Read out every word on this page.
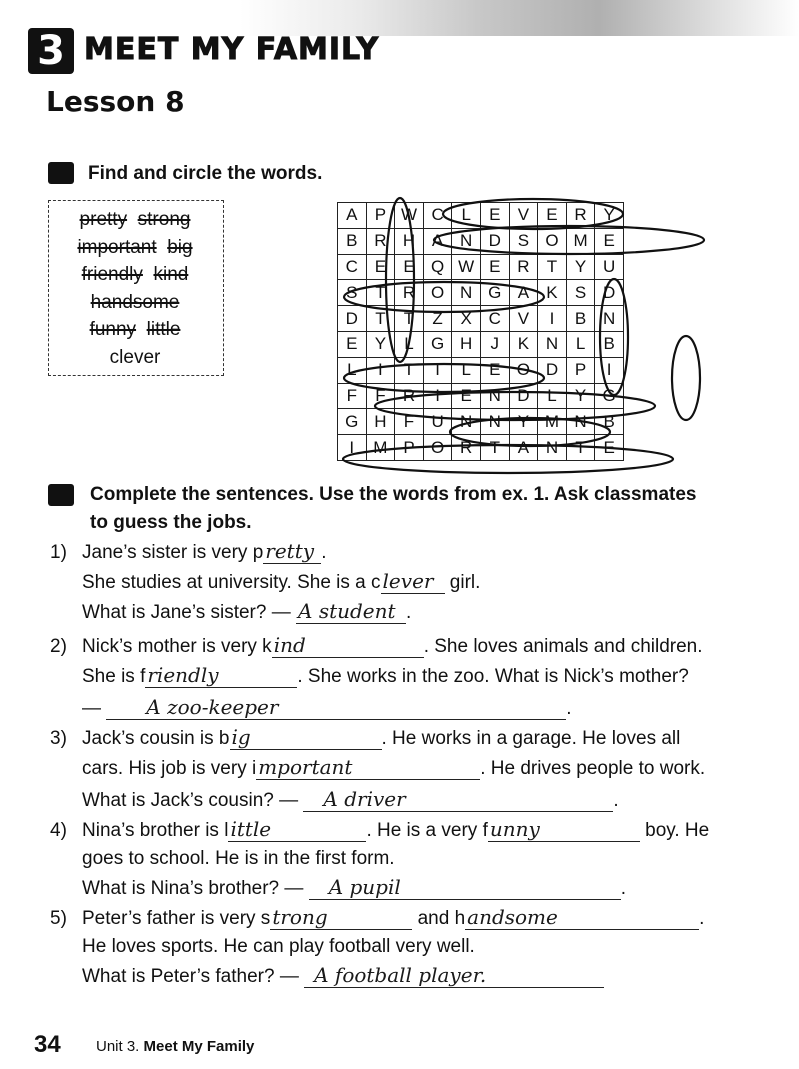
3 MEET MY FAMILY
Lesson 8
Find and circle the words.
pretty strong
important big
friendly kind
handsome
funny little
clever
A	P	W	C	L	E	V	E	R	Y
B	R	H	A	N	D	S	O	M	E
C	E	E	Q	W	E	R	T	Y	U
S	T	R	O	N	G	A	K	S	D
D	T	T	Z	X	C	V	I	B	N
E	Y	L	G	H	J	K	N	L	B
L	I	T	T	L	E	O	D	P	I
F	F	R	I	E	N	D	L	Y	G
G	H	F	U	N	N	Y	M	N	B
I	M	P	O	R	T	A	N	T	E
Complete the sentences. Use the words from ex. 1. Ask classmates
to guess the jobs.
1) Jane’s sister is very p retty .
She studies at university. She is a c lever girl.
What is Jane’s sister? — A student .
2) Nick’s mother is very k ind	. She loves animals and children.
She is f riendly	. She works in the zoo. What is Nick’s mother?
— A zoo-keeper	.
3) Jack’s cousin is b ig	. He works in a garage. He loves all
cars. His job is very i mportant	. He drives people to work.
What is Jack’s cousin? — A driver	.
4) Nina’s brother is l ittle	. He is a very f unny	boy. He
goes to school. He is in the first form.
What is Nina’s brother? — A pupil	.
5) Peter’s father is very s trong	and h andsome	.
He loves sports. He can play football very well.
What is Peter’s father? — A football player.
34 Unit 3. Meet My Family
